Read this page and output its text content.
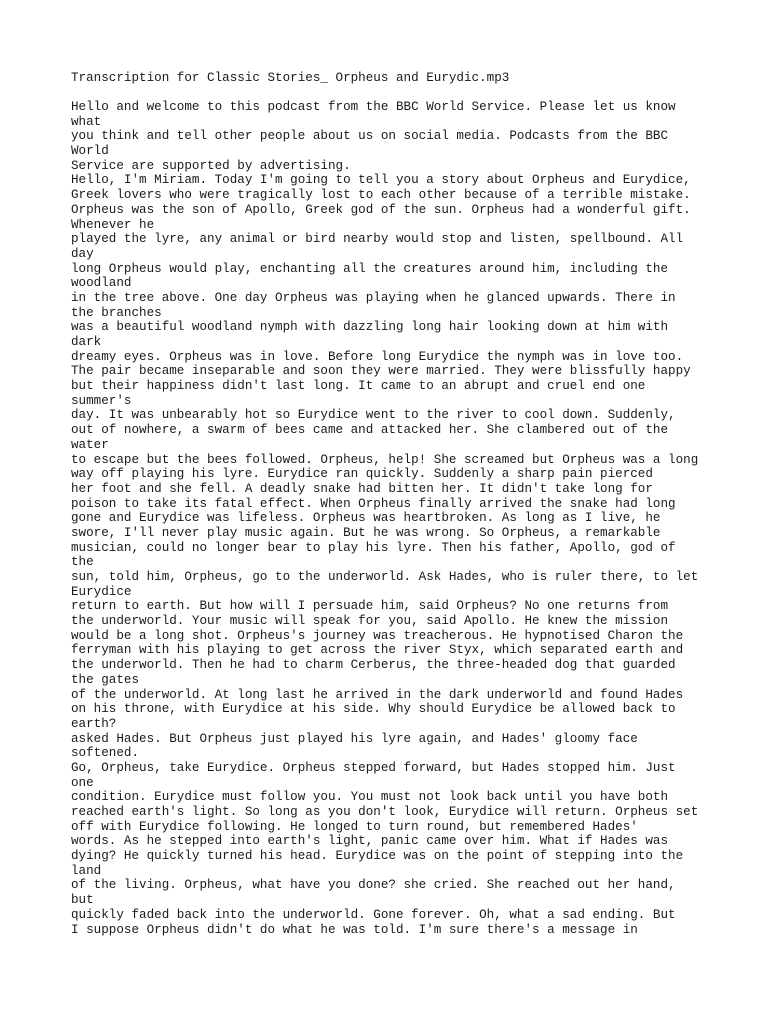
Transcription for Classic Stories_ Orpheus and Eurydic.mp3
Hello and welcome to this podcast from the BBC World Service. Please let us know
what
you think and tell other people about us on social media. Podcasts from the BBC
World
Service are supported by advertising.
Hello, I'm Miriam. Today I'm going to tell you a story about Orpheus and Eurydice,
Greek lovers who were tragically lost to each other because of a terrible mistake.
Orpheus was the son of Apollo, Greek god of the sun. Orpheus had a wonderful gift.
Whenever he
played the lyre, any animal or bird nearby would stop and listen, spellbound. All
day
long Orpheus would play, enchanting all the creatures around him, including the
woodland
in the tree above. One day Orpheus was playing when he glanced upwards. There in
the branches
was a beautiful woodland nymph with dazzling long hair looking down at him with
dark
dreamy eyes. Orpheus was in love. Before long Eurydice the nymph was in love too.
The pair became inseparable and soon they were married. They were blissfully happy
but their happiness didn't last long. It came to an abrupt and cruel end one
summer's
day. It was unbearably hot so Eurydice went to the river to cool down. Suddenly,
out of nowhere, a swarm of bees came and attacked her. She clambered out of the
water
to escape but the bees followed. Orpheus, help! She screamed but Orpheus was a long
way off playing his lyre. Eurydice ran quickly. Suddenly a sharp pain pierced
her foot and she fell. A deadly snake had bitten her. It didn't take long for
poison to take its fatal effect. When Orpheus finally arrived the snake had long
gone and Eurydice was lifeless. Orpheus was heartbroken. As long as I live, he
swore, I'll never play music again. But he was wrong. So Orpheus, a remarkable
musician, could no longer bear to play his lyre. Then his father, Apollo, god of
the
sun, told him, Orpheus, go to the underworld. Ask Hades, who is ruler there, to let
Eurydice
return to earth. But how will I persuade him, said Orpheus? No one returns from
the underworld. Your music will speak for you, said Apollo. He knew the mission
would be a long shot. Orpheus's journey was treacherous. He hypnotised Charon the
ferryman with his playing to get across the river Styx, which separated earth and
the underworld. Then he had to charm Cerberus, the three-headed dog that guarded
the gates
of the underworld. At long last he arrived in the dark underworld and found Hades
on his throne, with Eurydice at his side. Why should Eurydice be allowed back to
earth?
asked Hades. But Orpheus just played his lyre again, and Hades' gloomy face
softened.
Go, Orpheus, take Eurydice. Orpheus stepped forward, but Hades stopped him. Just
one
condition. Eurydice must follow you. You must not look back until you have both
reached earth's light. So long as you don't look, Eurydice will return. Orpheus set
off with Eurydice following. He longed to turn round, but remembered Hades'
words. As he stepped into earth's light, panic came over him. What if Hades was
dying? He quickly turned his head. Eurydice was on the point of stepping into the
land
of the living. Orpheus, what have you done? she cried. She reached out her hand,
but
quickly faded back into the underworld. Gone forever. Oh, what a sad ending. But
I suppose Orpheus didn't do what he was told. I'm sure there's a message in
